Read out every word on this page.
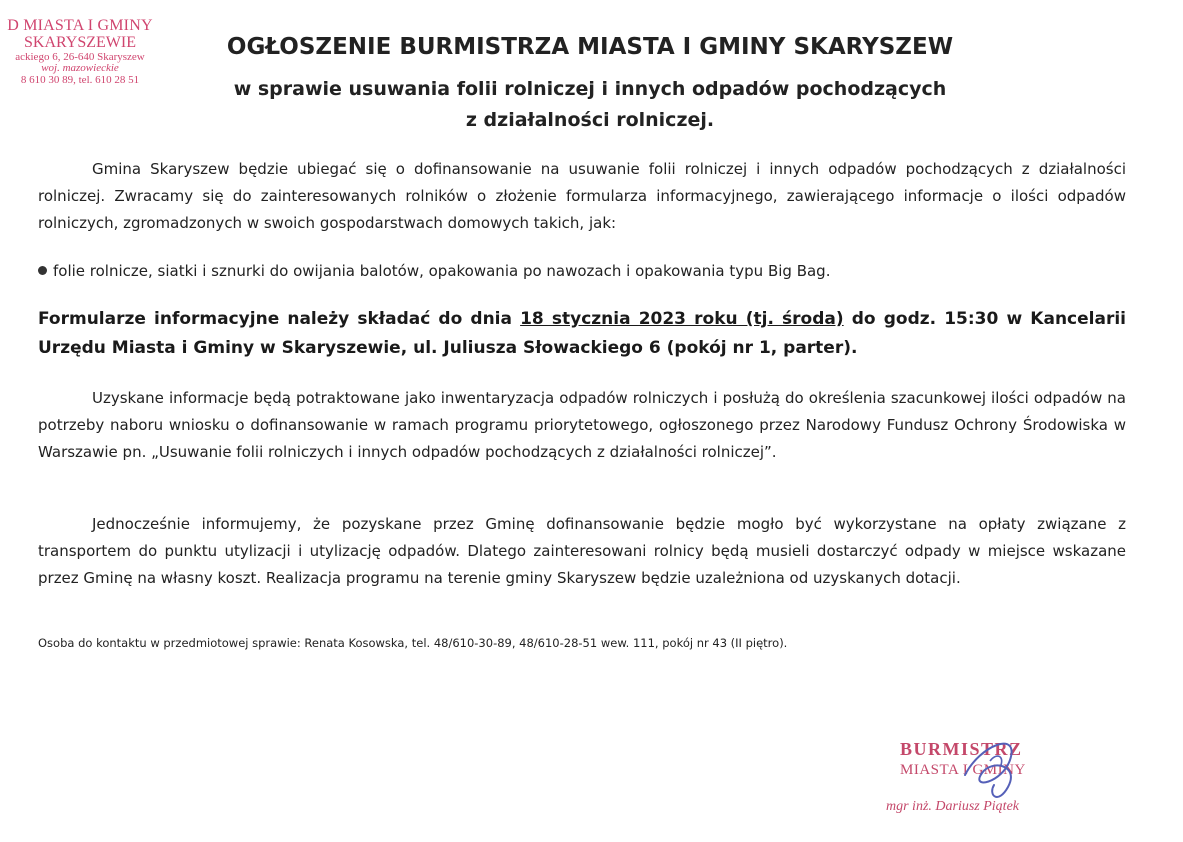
D MIASTA I GMINY
SKARYSZEWIE
ackiego 6, 26-640 Skaryszew
woj. mazowieckie
8 610 30 89, tel. 610 28 51
OGŁOSZENIE BURMISTRZA MIASTA I GMINY SKARYSZEW
w sprawie usuwania folii rolniczej i innych odpadów pochodzących
z działalności rolniczej.
Gmina Skaryszew będzie ubiegać się o dofinansowanie na usuwanie folii rolniczej i innych odpadów pochodzących z działalności rolniczej. Zwracamy się do zainteresowanych rolników o złożenie formularza informacyjnego, zawierającego informacje o ilości odpadów rolniczych, zgromadzonych w swoich gospodarstwach domowych takich, jak:
folie rolnicze, siatki i sznurki do owijania balotów, opakowania po nawozach i opakowania typu Big Bag.
Formularze informacyjne należy składać do dnia 18 stycznia 2023 roku (tj. środa) do godz. 15:30 w Kancelarii Urzędu Miasta i Gminy w Skaryszewie, ul. Juliusza Słowackiego 6 (pokój nr 1, parter).
Uzyskane informacje będą potraktowane jako inwentaryzacja odpadów rolniczych i posłużą do określenia szacunkowej ilości odpadów na potrzeby naboru wniosku o dofinansowanie w ramach programu priorytetowego, ogłoszonego przez Narodowy Fundusz Ochrony Środowiska w Warszawie pn. „Usuwanie folii rolniczych i innych odpadów pochodzących z działalności rolniczej”.
Jednocześnie informujemy, że pozyskane przez Gminę dofinansowanie będzie mogło być wykorzystane na opłaty związane z transportem do punktu utylizacji i utylizację odpadów. Dlatego zainteresowani rolnicy będą musieli dostarczyć odpady w miejsce wskazane przez Gminę na własny koszt. Realizacja programu na terenie gminy Skaryszew będzie uzależniona od uzyskanych dotacji.
Osoba do kontaktu w przedmiotowej sprawie: Renata Kosowska, tel. 48/610-30-89, 48/610-28-51 wew. 111, pokój nr 43 (II piętro).
BURMISTRZ
MIASTA I GMINY
mgr inż. Dariusz Piątek
